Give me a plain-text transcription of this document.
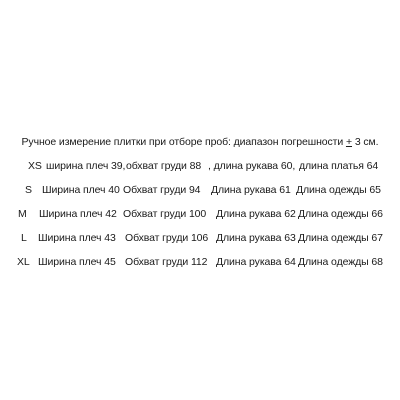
Ручное измерение плитки при отборе проб: диапазон погрешности + 3 см.
XS ширина плеч 39, обхват груди 88 , длина рукава 60, длина платья 64
S Ширина плеч 40 Обхват груди 94 Длина рукава 61 Длина одежды 65
M Ширина плеч 42 Обхват груди 100 Длина рукава 62 Длина одежды 66
L Ширина плеч 43 Обхват груди 106 Длина рукава 63 Длина одежды 67
XL Ширина плеч 45 Обхват груди 112 Длина рукава 64 Длина одежды 68
